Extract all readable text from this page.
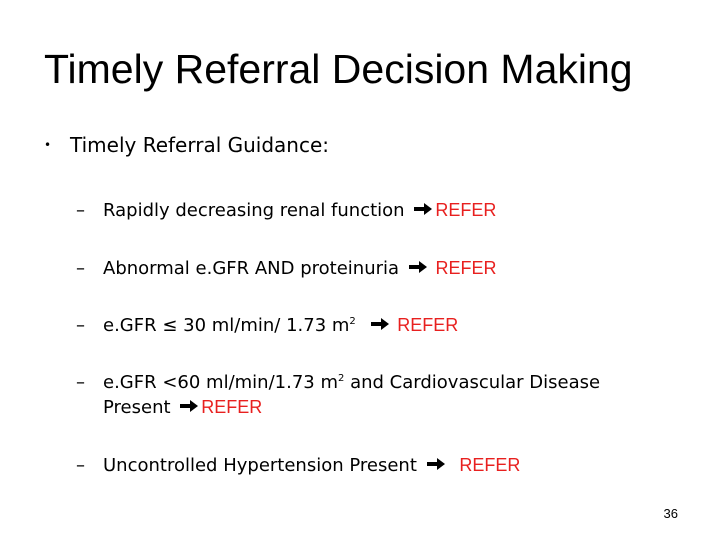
Timely Referral Decision Making
• Timely Referral Guidance:
– Rapidly decreasing renal function REFER
– Abnormal e.GFR AND proteinuria REFER
– e.GFR ≤ 30 ml/min/ 1.73 $m^2$ REFER
– e.GFR <60 ml/min/1.73 $m^2$ and Cardiovascular Disease
Present REFER
– Uncontrolled Hypertension Present REFER
36
